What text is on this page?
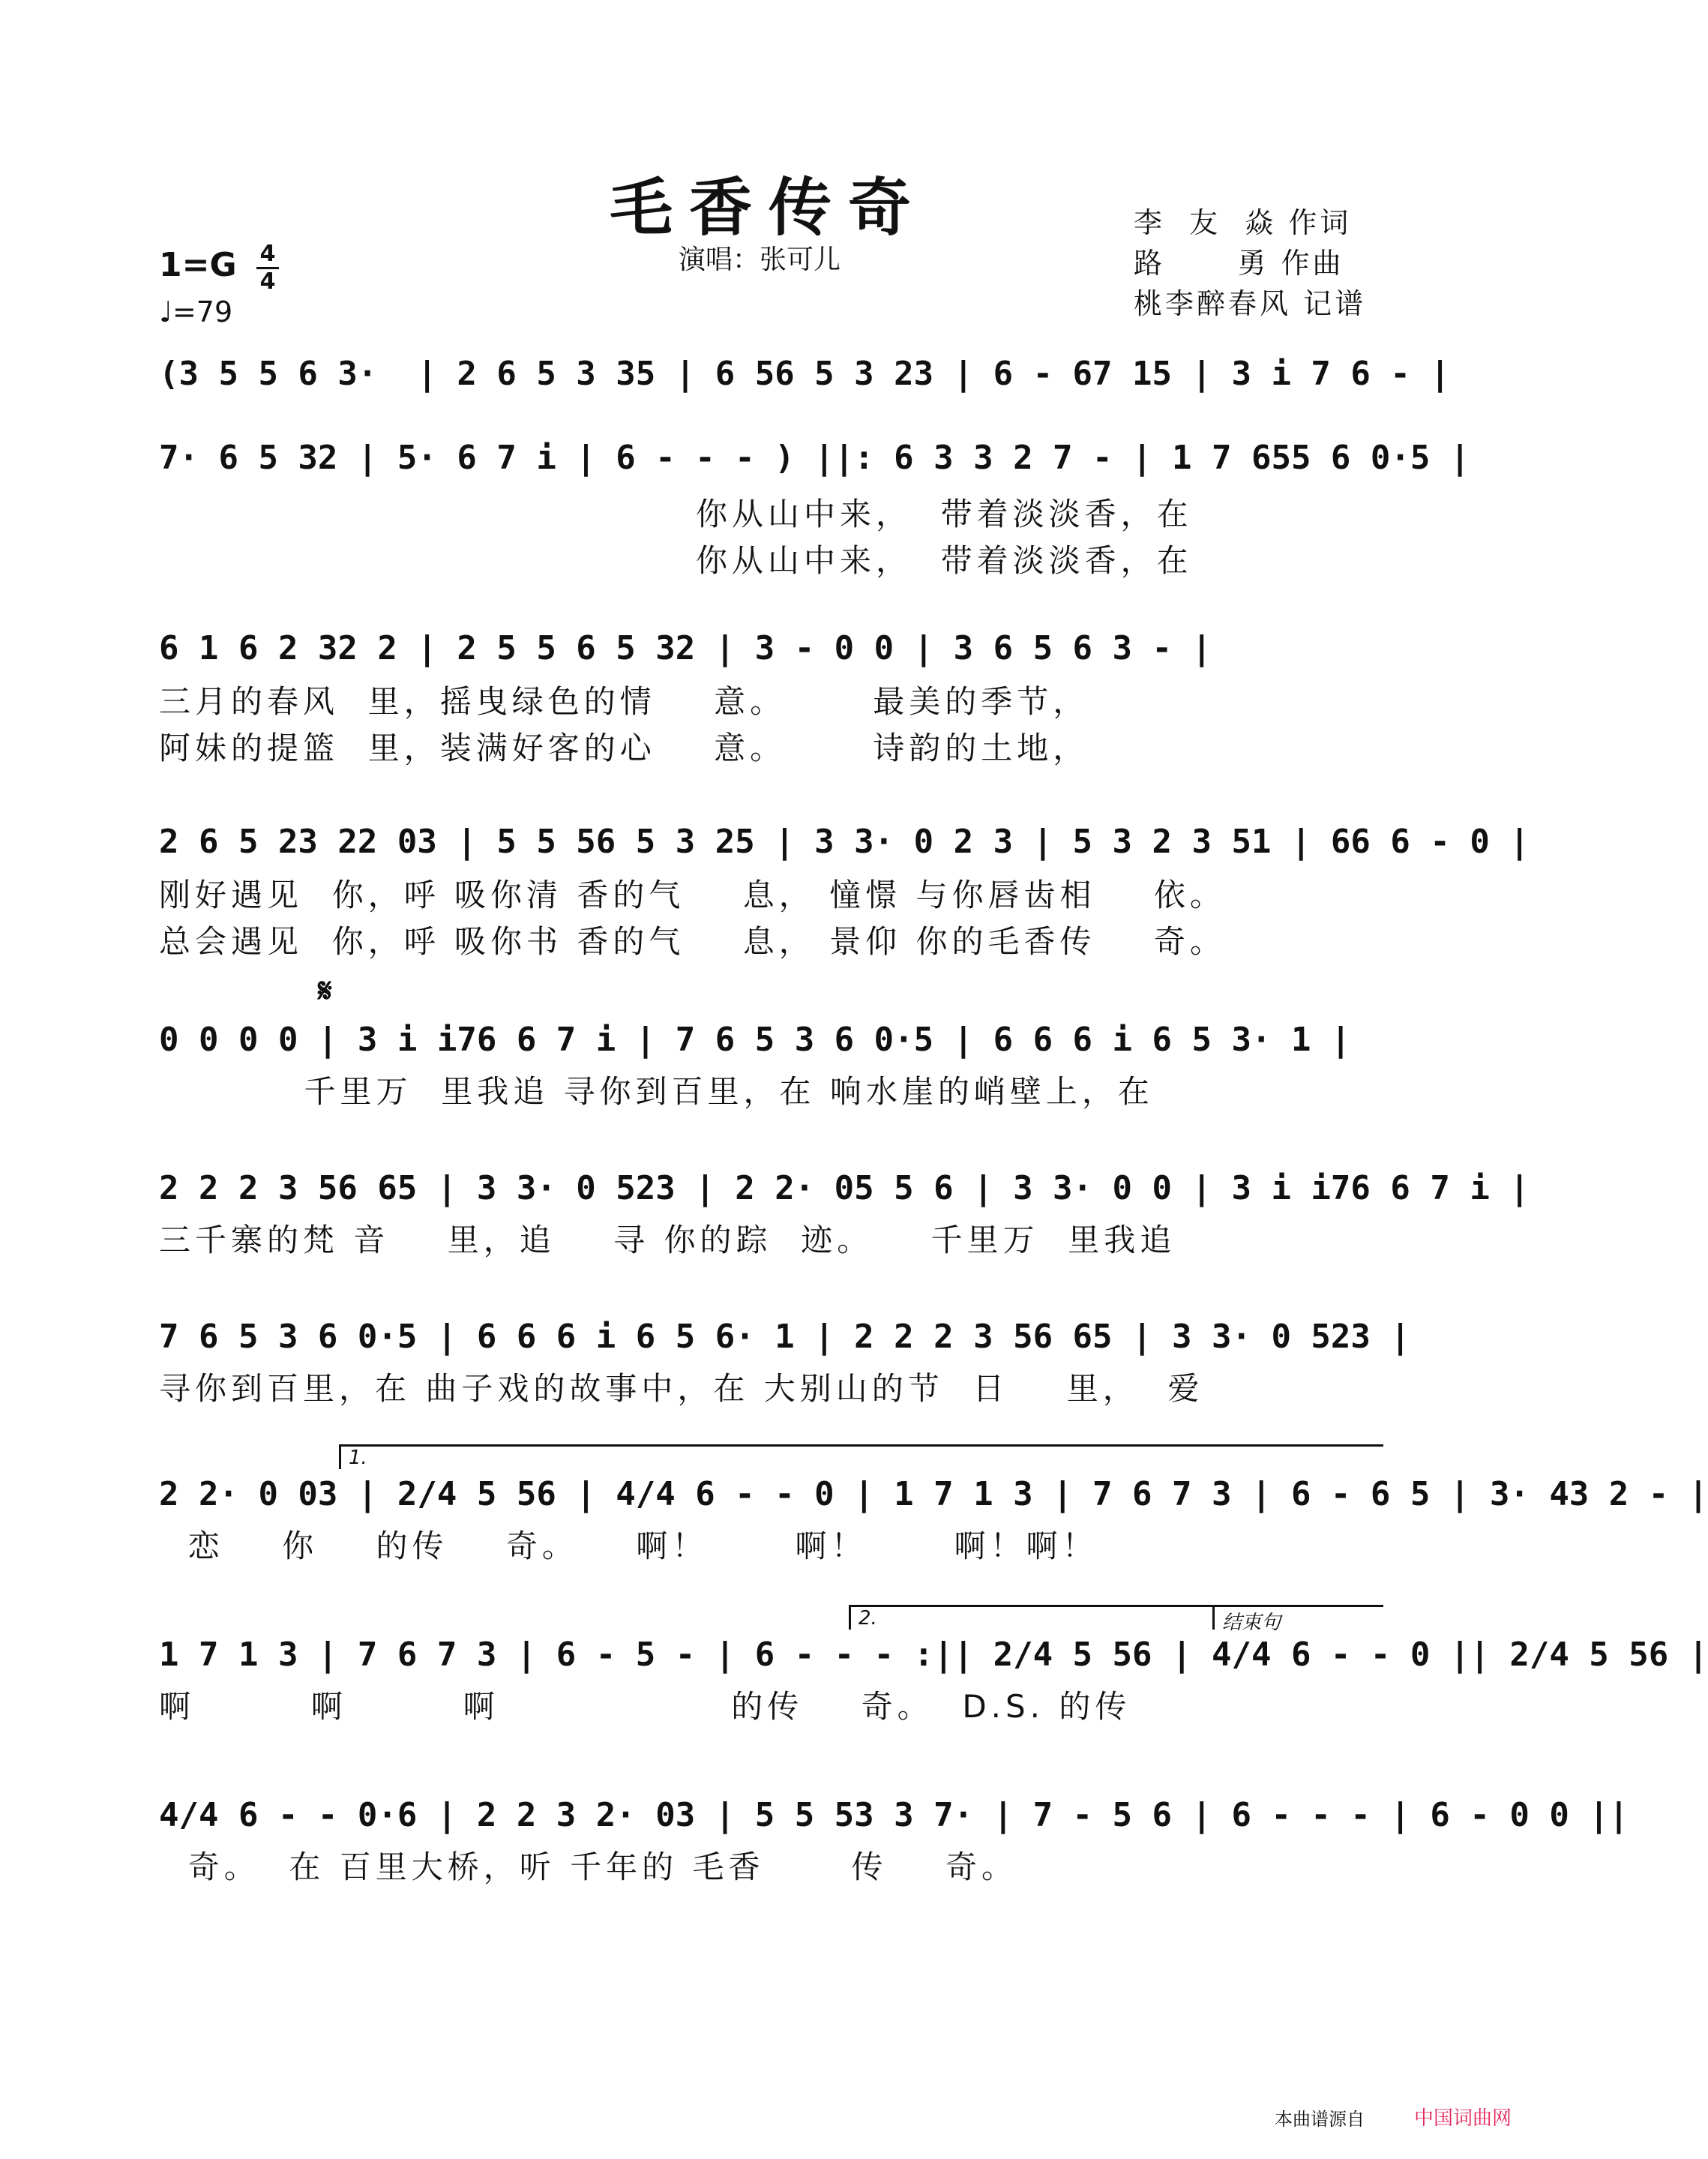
毛香传奇
演唱：张可儿
李  友  焱 作词
路      勇 作曲
桃李醉春风 记谱
1=G 4
4
♩=79
(3 5 5 6 3·  | 2 6 5 3 35 | 6 56 5 3 23 | 6 - 67 15 | 3 i 7 6 - |
7· 6 5 32 | 5· 6 7 i | 6 - - - ) ||: 6 3 3 2 7 - | 1 7 655 6 0·5 |
你从山中来，  带着淡淡香，在
你从山中来，  带着淡淡香，在
6 1 6 2 32 2 | 2 5 5 6 5 32 | 3 - 0 0 | 3 6 5 6 3 - |
三月的春风  里，摇曳绿色的情    意。      最美的季节，
阿妹的提篮  里，装满好客的心    意。      诗韵的土地，
2 6 5 23 22 03 | 5 5 56 5 3 25 | 3 3· 0 2 3 | 5 3 2 3 51 | 66 6 - 0 |
刚好遇见  你，呼 吸你清 香的气    息， 憧憬 与你唇齿相    依。
总会遇见  你，呼 吸你书 香的气    息， 景仰 你的毛香传    奇。
𝄋
0 0 0 0 | 3 i i76 6 7 i | 7 6 5 3 6 0·5 | 6 6 6 i 6 5 3· 1 |
千里万  里我追 寻你到百里，在 响水崖的峭壁上，在
2 2 2 3 56 65 | 3 3· 0 523 | 2 2· 05 5 6 | 3 3· 0 0 | 3 i i76 6 7 i |
三千寨的梵 音    里，追    寻 你的踪  迹。    千里万  里我追
7 6 5 3 6 0·5 | 6 6 6 i 6 5 6· 1 | 2 2 2 3 56 65 | 3 3· 0 523 |
寻你到百里，在 曲子戏的故事中，在 大别山的节  日    里，  爱
1.
2 2· 0 03 | 2/4 5 56 | 4/4 6 - - 0 | 1 7 1 3 | 7 6 7 3 | 6 - 6 5 | 3· 43 2 - |
恋    你    的传    奇。    啊！      啊！      啊！啊！
2.	结束句
1 7 1 3 | 7 6 7 3 | 6 - 5 - | 6 - - - :|| 2/4 5 56 | 4/4 6 - - 0 || 2/4 5 56 |
啊        啊        啊                的传    奇。  D.S. 的传
4/4 6 - - 0·6 | 2 2 3 2· 03 | 5 5 53 3 7· | 7 - 5 6 | 6 - - - | 6 - 0 0 ||
奇。  在 百里大桥，听 千年的 毛香      传    奇。
本曲谱源自	中国词曲网
